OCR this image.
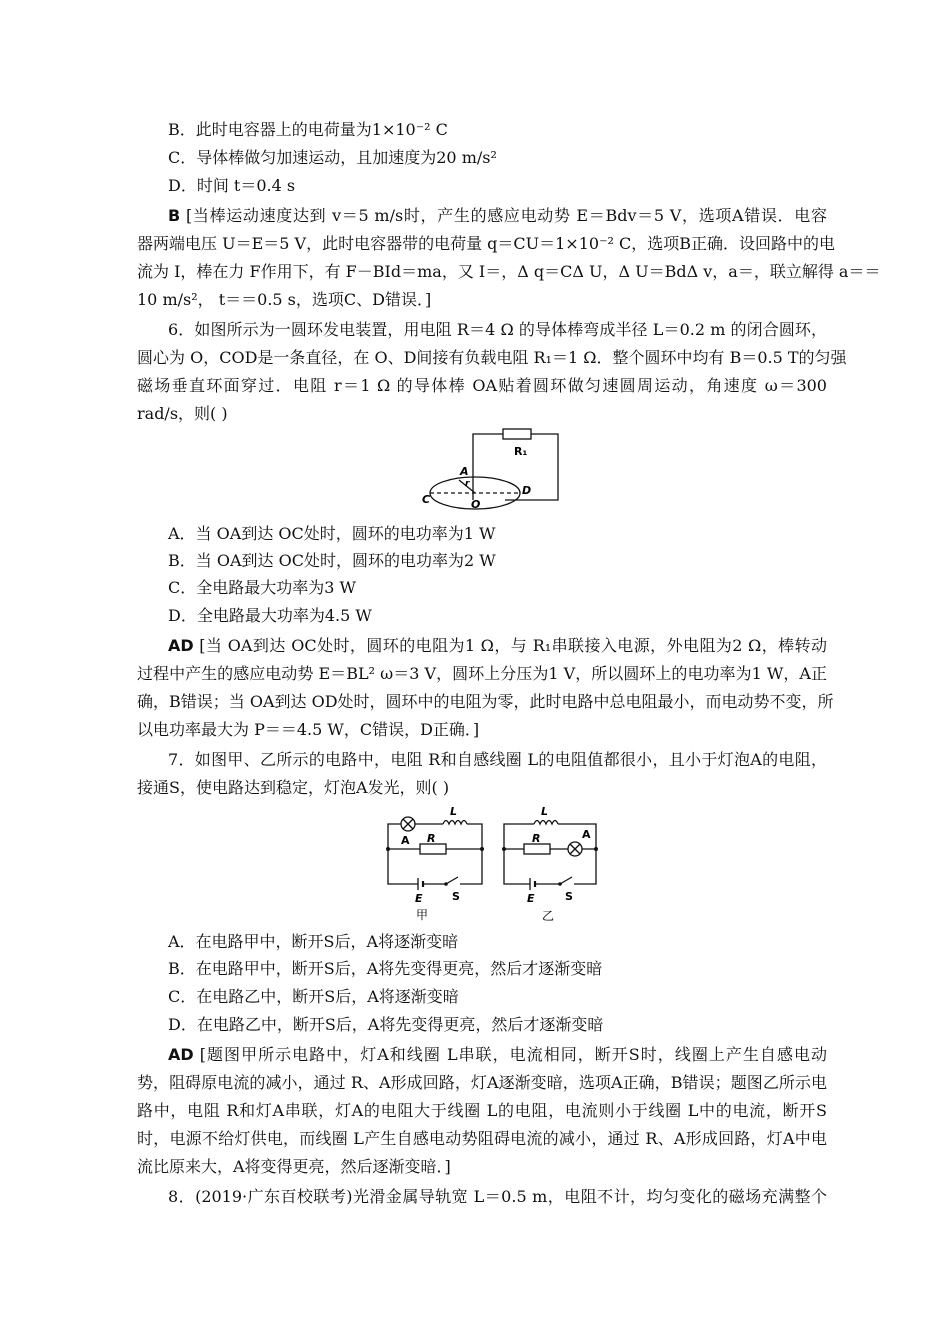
B．此时电容器上的电荷量为1×10⁻² C
C．导体棒做匀加速运动，且加速度为20 m/s²
D．时间 t＝0.4 s
B [当棒运动速度达到 v＝5 m/s时，产生的感应电动势 E＝Bdv＝5 V，选项A错误．电容
器两端电压 U＝E＝5 V，此时电容器带的电荷量 q＝CU＝1×10⁻² C，选项B正确．设回路中的电
流为 I，棒在力 F作用下，有 F－BId＝ma，又 I＝，Δ q＝CΔ U，Δ U＝BdΔ v，a＝，联立解得 a＝＝
10 m/s²， t＝＝0.5 s，选项C、D错误．]
6．如图所示为一圆环发电装置，用电阻 R＝4 Ω 的导体棒弯成半径 L＝0.2 m 的闭合圆环，
圆心为 O，COD是一条直径，在 O、D间接有负载电阻 R₁＝1 Ω．整个圆环中均有 B＝0.5 T的匀强
磁场垂直环面穿过．电阻 r＝1 Ω 的导体棒 OA贴着圆环做匀速圆周运动，角速度 ω＝300
rad/s，则( )
R₁
A
r
C	O
D
A．当 OA到达 OC处时，圆环的电功率为1 W
B．当 OA到达 OC处时，圆环的电功率为2 W
C．全电路最大功率为3 W
D．全电路最大功率为4.5 W
AD [当 OA到达 OC处时，圆环的电阻为1 Ω，与 R₁串联接入电源，外电阻为2 Ω，棒转动
过程中产生的感应电动势 E＝BL² ω＝3 V，圆环上分压为1 V，所以圆环上的电功率为1 W，A正
确，B错误；当 OA到达 OD处时，圆环中的电阻为零，此时电路中总电阻最小，而电动势不变，所
以电功率最大为 P＝＝4.5 W，C错误，D正确．]
7．如图甲、乙所示的电路中，电阻 R和自感线圈 L的电阻值都很小，且小于灯泡A的电阻，
接通S，使电路达到稳定，灯泡A发光，则( )
L
A R
E	S
甲
L
A
R
E	S
乙
A．在电路甲中，断开S后，A将逐渐变暗
B．在电路甲中，断开S后，A将先变得更亮，然后才逐渐变暗
C．在电路乙中，断开S后，A将逐渐变暗
D．在电路乙中，断开S后，A将先变得更亮，然后才逐渐变暗
AD [题图甲所示电路中，灯A和线圈 L串联，电流相同，断开S时，线圈上产生自感电动
势，阻碍原电流的减小，通过 R、A形成回路，灯A逐渐变暗，选项A正确，B错误；题图乙所示电
路中，电阻 R和灯A串联，灯A的电阻大于线圈 L的电阻，电流则小于线圈 L中的电流，断开S
时，电源不给灯供电，而线圈 L产生自感电动势阻碍电流的减小，通过 R、A形成回路，灯A中电
流比原来大，A将变得更亮，然后逐渐变暗．]
8．(2019·广东百校联考)光滑金属导轨宽 L＝0.5 m，电阻不计，均匀变化的磁场充满整个
